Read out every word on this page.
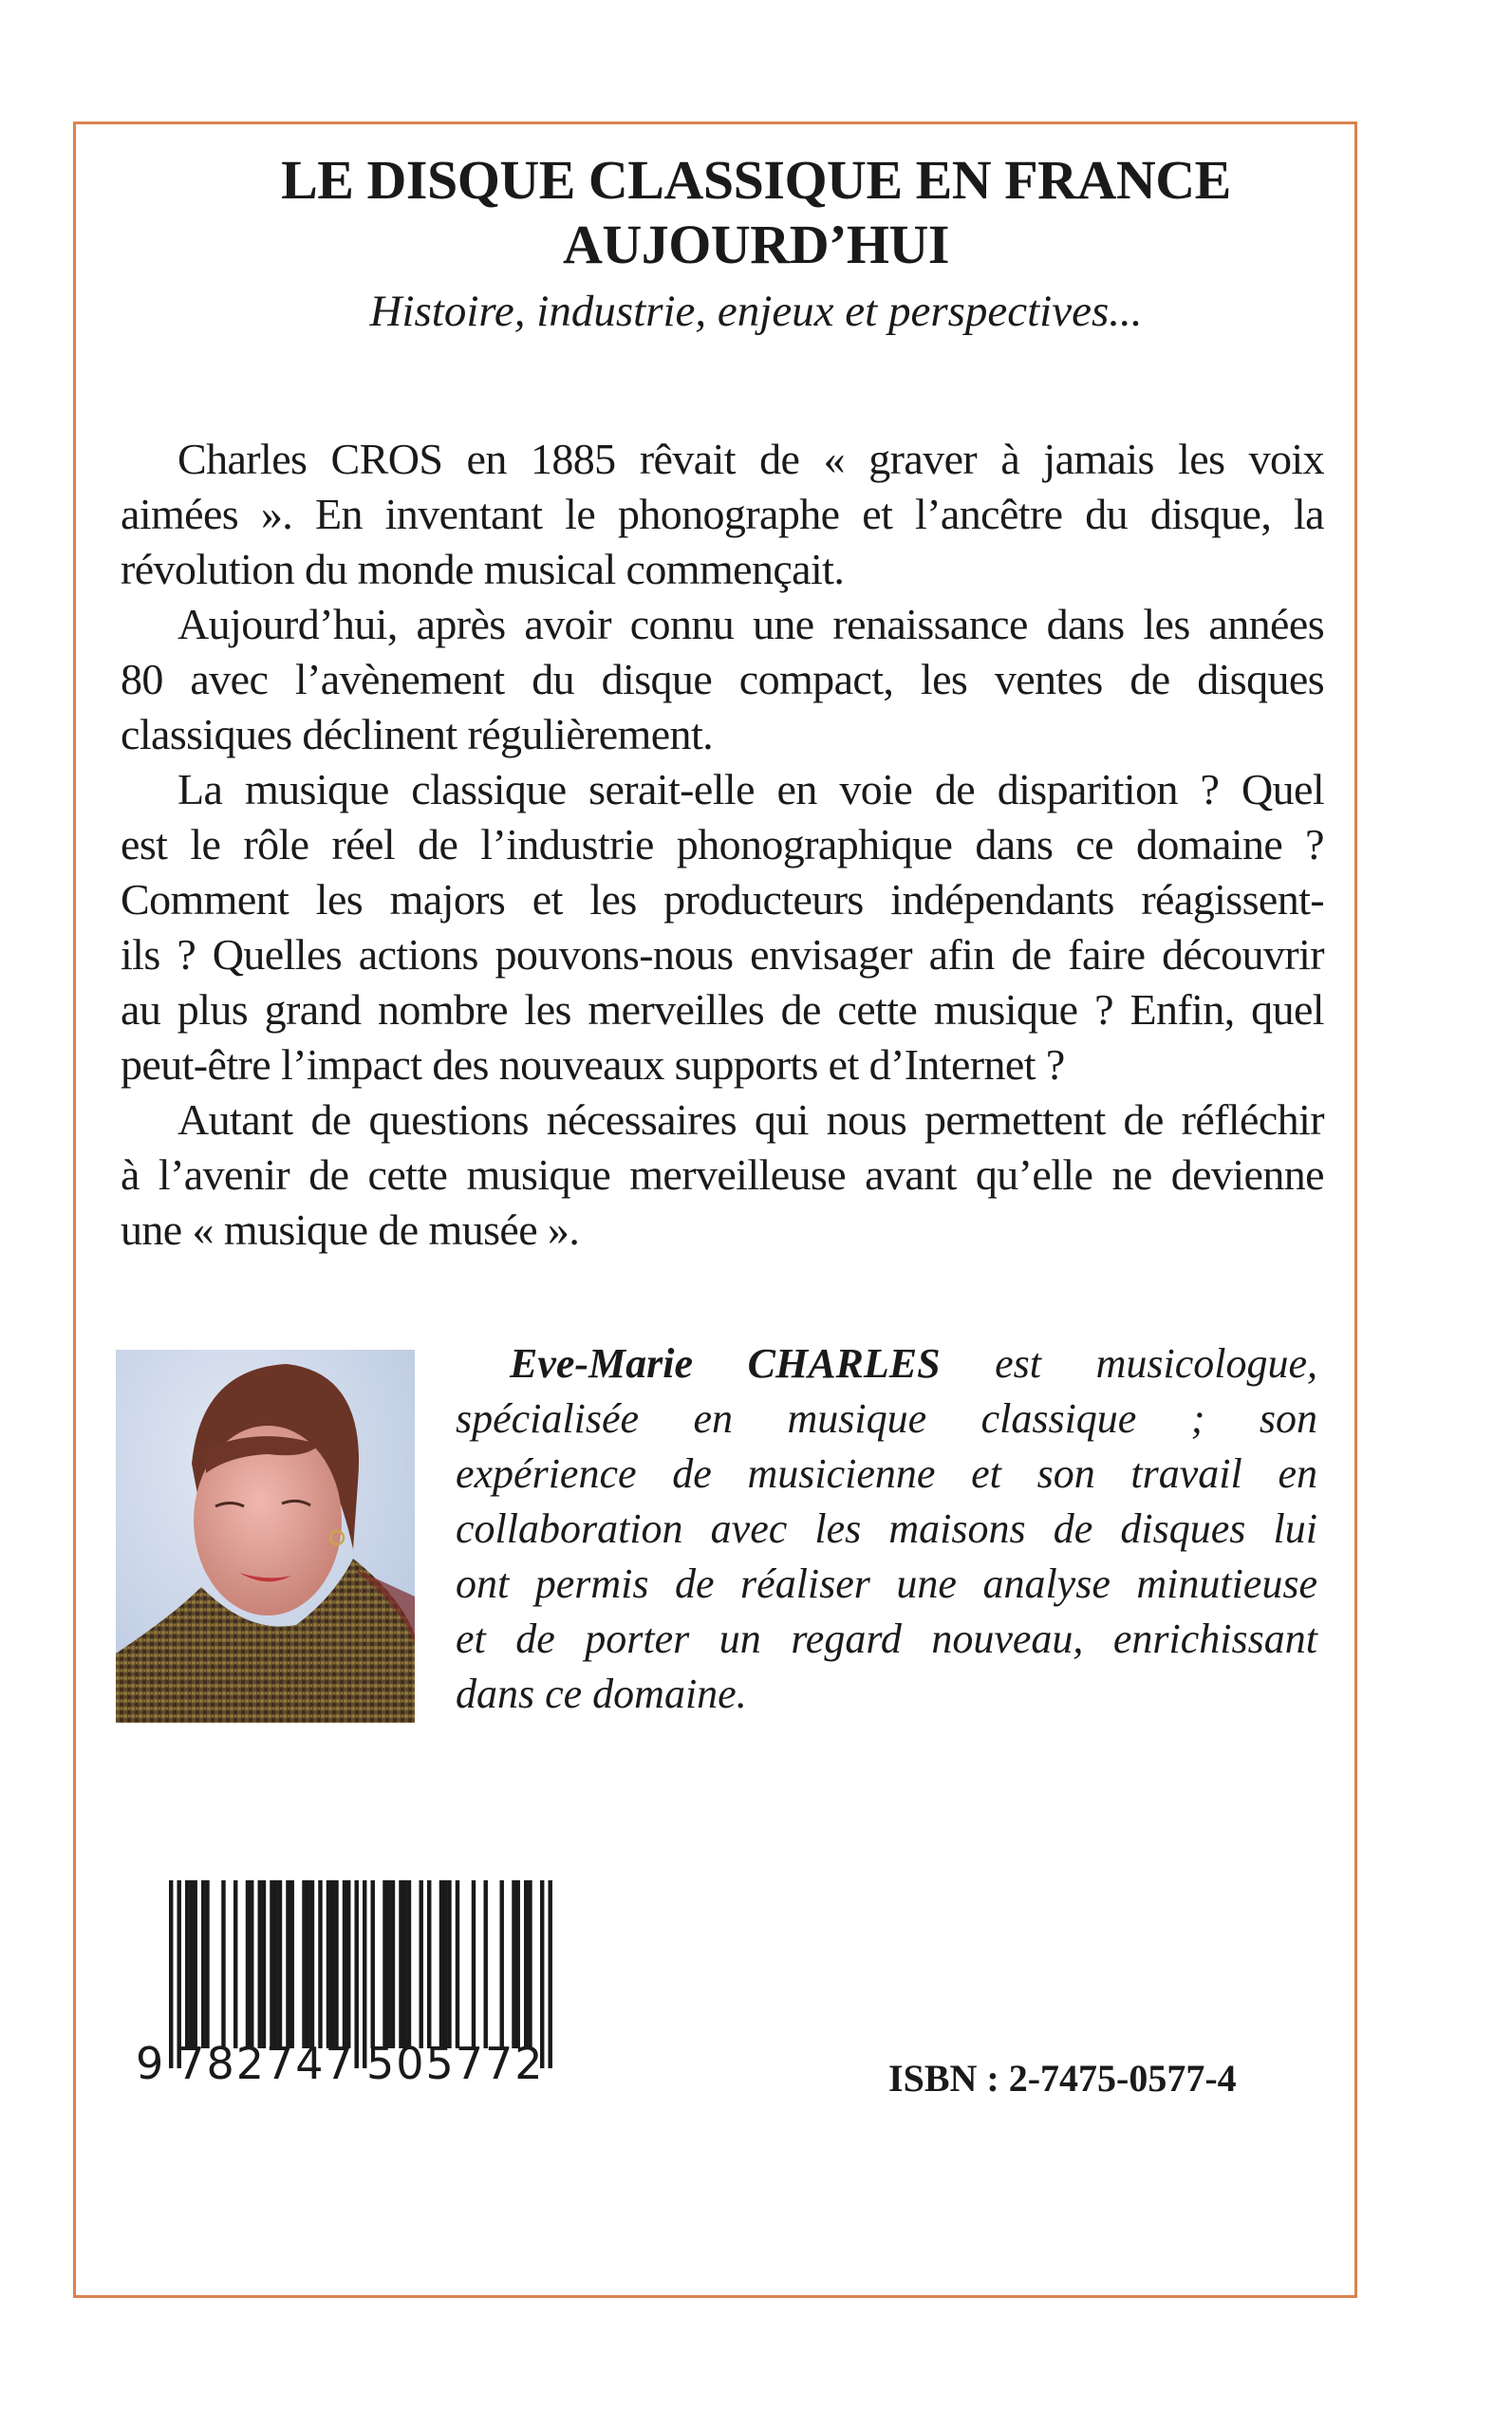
LE DISQUE CLASSIQUE EN FRANCE
AUJOURD’HUI
Histoire, industrie, enjeux et perspectives...
Charles CROS en 1885 rêvait de « graver à jamais les voix
aimées ». En inventant le phonographe et l’ancêtre du disque, la
révolution du monde musical commençait.
Aujourd’hui, après avoir connu une renaissance dans les années
80 avec l’avènement du disque compact, les ventes de disques
classiques déclinent régulièrement.
La musique classique serait-elle en voie de disparition ? Quel
est le rôle réel de l’industrie phonographique dans ce domaine ?
Comment les majors et les producteurs indépendants réagissent-
ils ? Quelles actions pouvons-nous envisager afin de faire découvrir
au plus grand nombre les merveilles de cette musique ? Enfin, quel
peut-être l’impact des nouveaux supports et d’Internet ?
Autant de questions nécessaires qui nous permettent de réfléchir
à l’avenir de cette musique merveilleuse avant qu’elle ne devienne
une « musique de musée ».
Eve-Marie CHARLES est musicologue,
spécialisée en musique classique ; son
expérience de musicienne et son travail en
collaboration avec les maisons de disques lui
ont permis de réaliser une analyse minutieuse
et de porter un regard nouveau, enrichissant
dans ce domaine.
9 782747 505772	ISBN : 2-7475-0577-4
